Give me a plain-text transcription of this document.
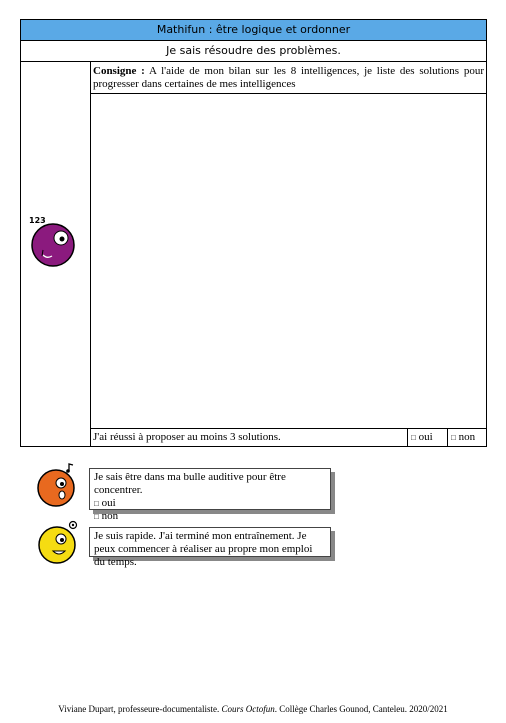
Mathifun : être logique et ordonner
Je sais résoudre des problèmes.
123
Consigne : A l'aide de mon bilan sur les 8 intelligences, je liste des solutions pour progresser dans certaines de mes intelligences
J'ai réussi à proposer au moins 3 solutions.	□ oui	□ non
Je sais être dans ma bulle auditive pour être concentrer.
□ oui
□ non
Je suis rapide. J'ai terminé mon entraînement. Je peux commencer à réaliser au propre mon emploi du temps.
Viviane Dupart, professeure-documentaliste. Cours Octofun. Collège Charles Gounod, Canteleu. 2020/2021
